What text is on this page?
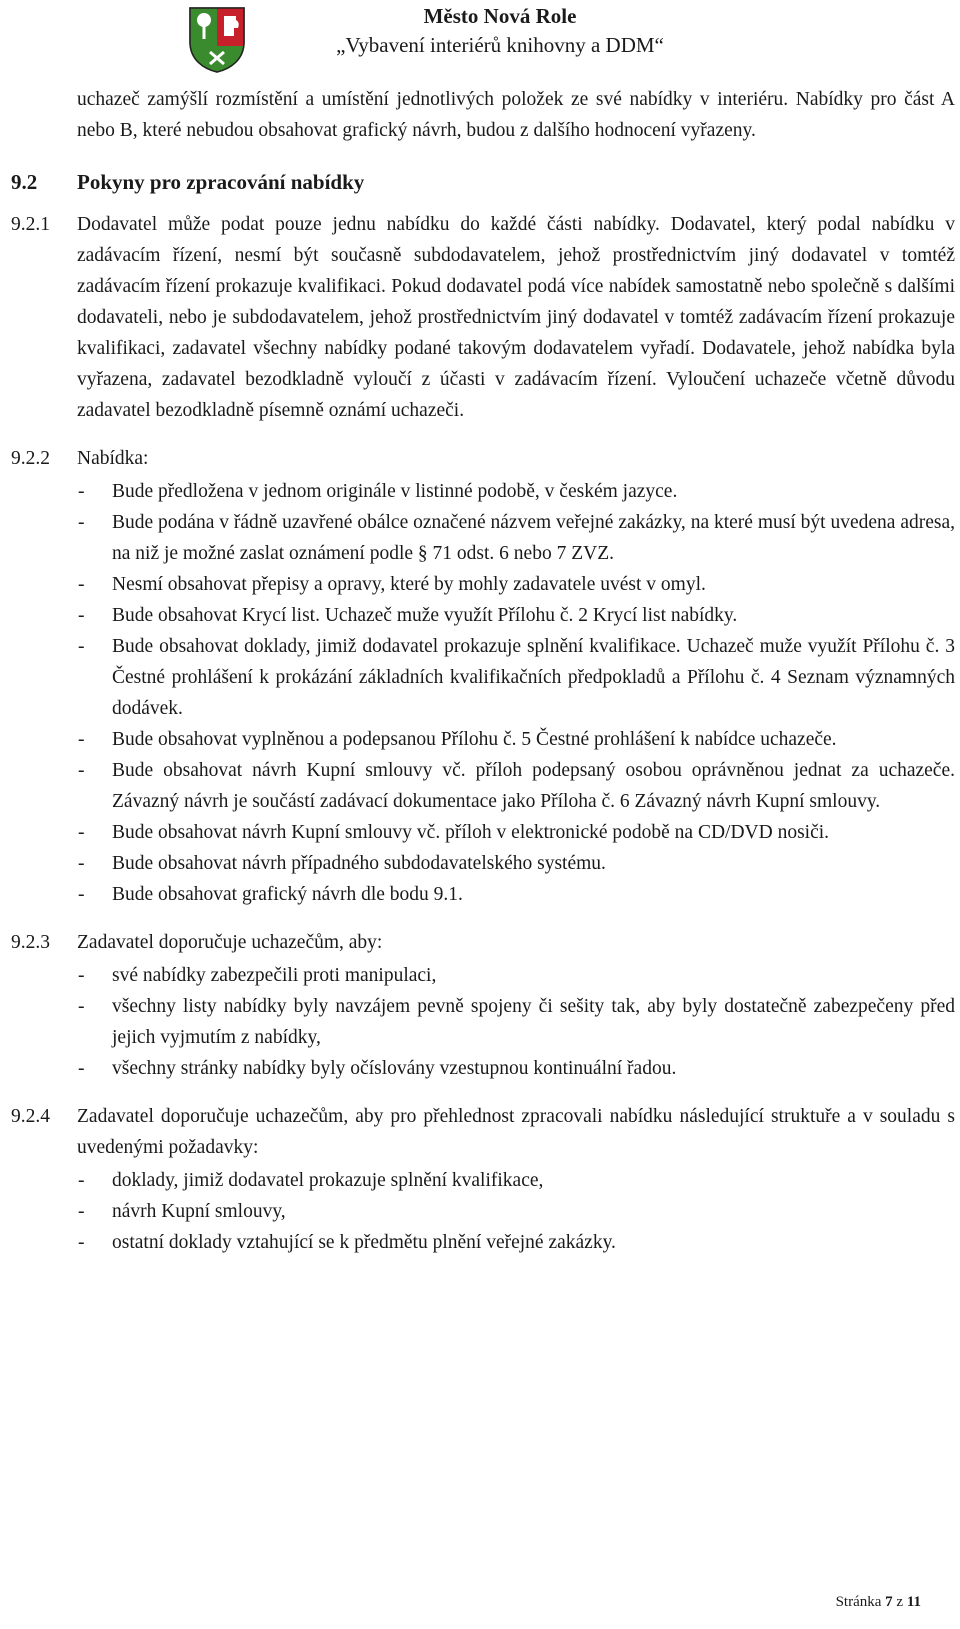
Město Nová Role
„Vybavení interiérů knihovny a DDM“

uchazeč zamýšlí rozmístění a umístění jednotlivých položek ze své nabídky v interiéru. Nabídky pro část A nebo B, které nebudou obsahovat grafický návrh, budou z dalšího hodnocení vyřazeny.

9.2 Pokyny pro zpracování nabídky
9.2.1 Dodavatel může podat pouze jednu nabídku do každé části nabídky. Dodavatel, který podal nabídku v zadávacím řízení, nesmí být současně subdodavatelem, jehož prostřednictvím jiný dodavatel v tomtéž zadávacím řízení prokazuje kvalifikaci. Pokud dodavatel podá více nabídek samostatně nebo společně s dalšími dodavateli, nebo je subdodavatelem, jehož prostřednictvím jiný dodavatel v tomtéž zadávacím řízení prokazuje kvalifikaci, zadavatel všechny nabídky podané takovým dodavatelem vyřadí. Dodavatele, jehož nabídka byla vyřazena, zadavatel bezodkladně vyloučí z účasti v zadávacím řízení. Vyloučení uchazeče včetně důvodu zadavatel bezodkladně písemně oznámí uchazeči.
9.2.2 Nabídka:
- Bude předložena v jednom originále v listinné podobě, v českém jazyce.
- Bude podána v řádně uzavřené obálce označené názvem veřejné zakázky, na které musí být uvedena adresa, na niž je možné zaslat oznámení podle § 71 odst. 6 nebo 7 ZVZ.
- Nesmí obsahovat přepisy a opravy, které by mohly zadavatele uvést v omyl.
- Bude obsahovat Krycí list. Uchazeč muže využít Přílohu č. 2 Krycí list nabídky.
- Bude obsahovat doklady, jimiž dodavatel prokazuje splnění kvalifikace. Uchazeč muže využít Přílohu č. 3 Čestné prohlášení k prokázání základních kvalifikačních předpokladů a Přílohu č. 4 Seznam významných dodávek.
- Bude obsahovat vyplněnou a podepsanou Přílohu č. 5 Čestné prohlášení k nabídce uchazeče.
- Bude obsahovat návrh Kupní smlouvy vč. příloh podepsaný osobou oprávněnou jednat za uchazeče. Závazný návrh je součástí zadávací dokumentace jako Příloha č. 6 Závazný návrh Kupní smlouvy.
- Bude obsahovat návrh Kupní smlouvy vč. příloh v elektronické podobě na CD/DVD nosiči.
- Bude obsahovat návrh případného subdodavatelského systému.
- Bude obsahovat grafický návrh dle bodu 9.1.
9.2.3 Zadavatel doporučuje uchazečům, aby:
- své nabídky zabezpečili proti manipulaci,
- všechny listy nabídky byly navzájem pevně spojeny či sešity tak, aby byly dostatečně zabezpečeny před jejich vyjmutím z nabídky,
- všechny stránky nabídky byly očíslovány vzestupnou kontinuální řadou.
9.2.4 Zadavatel doporučuje uchazečům, aby pro přehlednost zpracovali nabídku následující struktuře a v souladu s uvedenými požadavky:
- doklady, jimiž dodavatel prokazuje splnění kvalifikace,
- návrh Kupní smlouvy,
- ostatní doklady vztahující se k předmětu plnění veřejné zakázky.
Stránka 7 z 11
